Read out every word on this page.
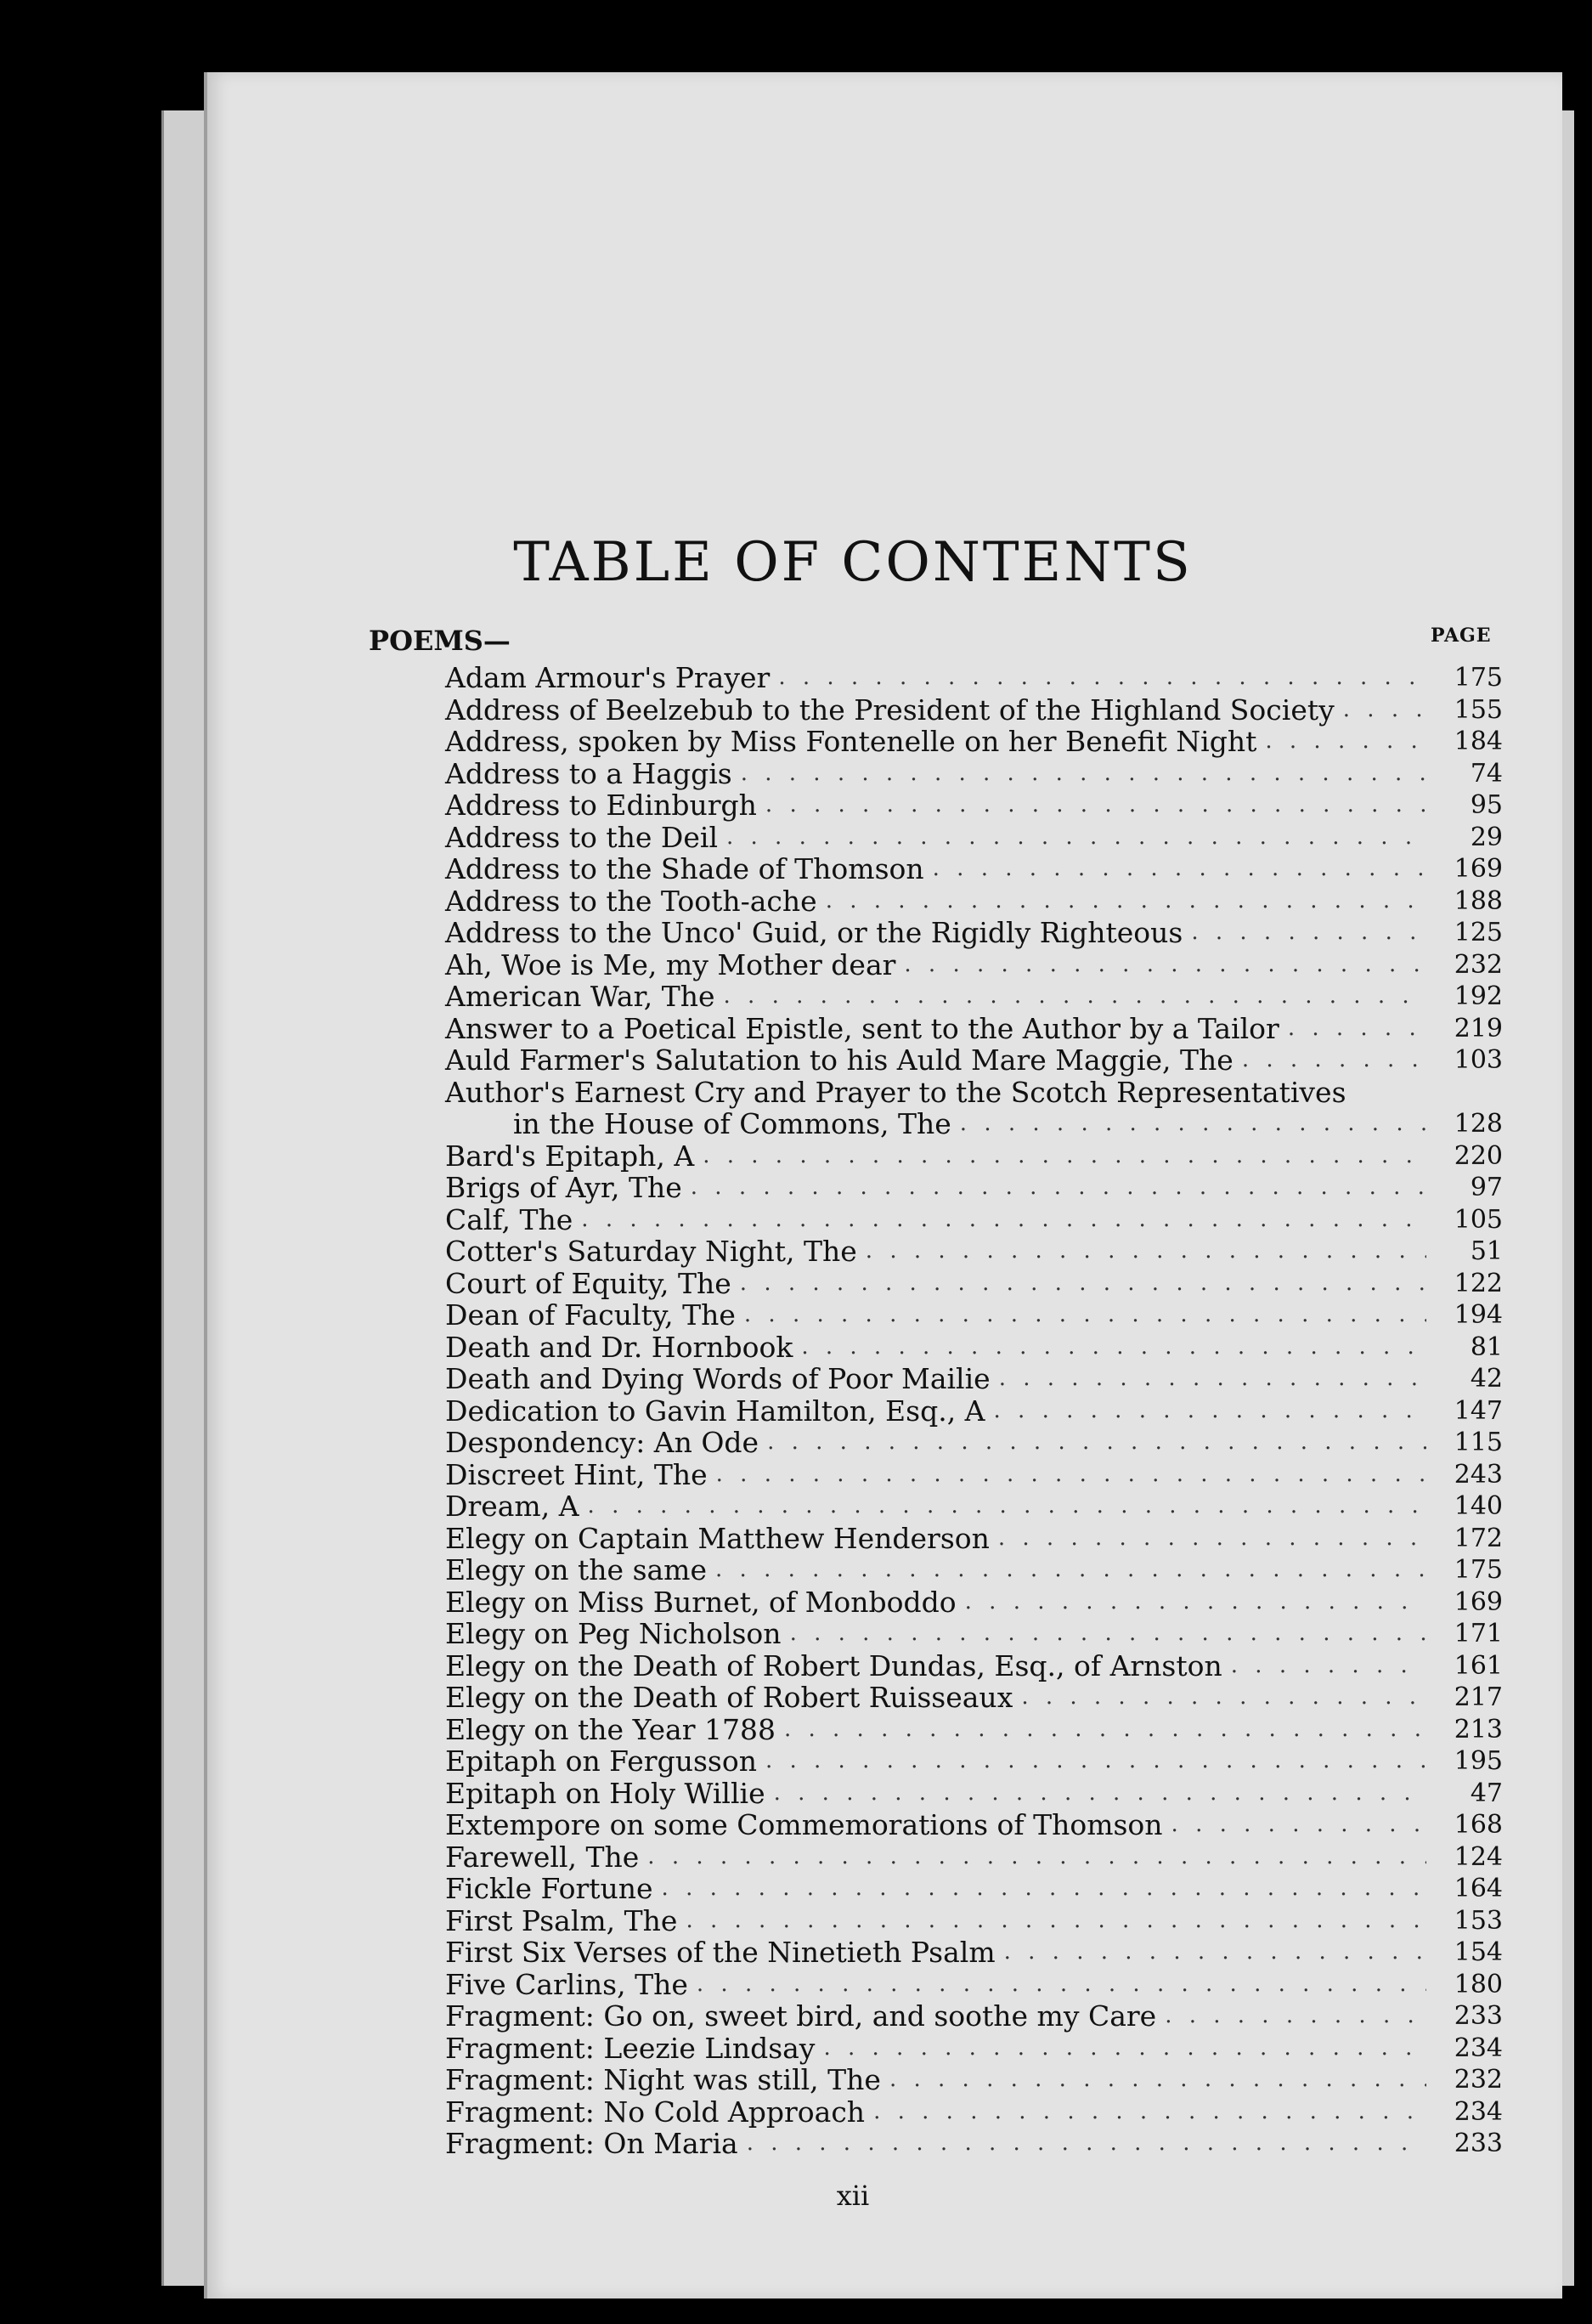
TABLE OF CONTENTS
POEMS—	PAGE
Adam Armour's Prayer . . .	175
Address of Beelzebub to the President of the Highland Society . . .	155
Address, spoken by Miss Fontenelle on her Benefit Night . . .	184
Address to a Haggis . . .	74
Address to Edinburgh . . .	95
Address to the Deil . . .	29
Address to the Shade of Thomson . . .	169
Address to the Tooth-ache . . .	188
Address to the Unco' Guid, or the Rigidly Righteous . . .	125
Ah, Woe is Me, my Mother dear . . .	232
American War, The . . .	192
Answer to a Poetical Epistle, sent to the Author by a Tailor . . .	219
Auld Farmer's Salutation to his Auld Mare Maggie, The . . .	103
Author's Earnest Cry and Prayer to the Scotch Representatives
in the House of Commons, The . . .	128
Bard's Epitaph, A . . .	220
Brigs of Ayr, The . . .	97
Calf, The . . .	105
Cotter's Saturday Night, The . . .	51
Court of Equity, The . . .	122
Dean of Faculty, The . . .	194
Death and Dr. Hornbook . . .	81
Death and Dying Words of Poor Mailie . . .	42
Dedication to Gavin Hamilton, Esq., A . . .	147
Despondency: An Ode . . .	115
Discreet Hint, The . . .	243
Dream, A . . .	140
Elegy on Captain Matthew Henderson . . .	172
Elegy on the same . . .	175
Elegy on Miss Burnet, of Monboddo . . .	169
Elegy on Peg Nicholson . . .	171
Elegy on the Death of Robert Dundas, Esq., of Arnston . . .	161
Elegy on the Death of Robert Ruisseaux . . .	217
Elegy on the Year 1788 . . .	213
Epitaph on Fergusson . . .	195
Epitaph on Holy Willie . . .	47
Extempore on some Commemorations of Thomson . . .	168
Farewell, The . . .	124
Fickle Fortune . . .	164
First Psalm, The . . .	153
First Six Verses of the Ninetieth Psalm . . .	154
Five Carlins, The . . .	180
Fragment: Go on, sweet bird, and soothe my Care . . .	233
Fragment: Leezie Lindsay . . .	234
Fragment: Night was still, The . . .	232
Fragment: No Cold Approach . . .	234
Fragment: On Maria . . .	233
xii
